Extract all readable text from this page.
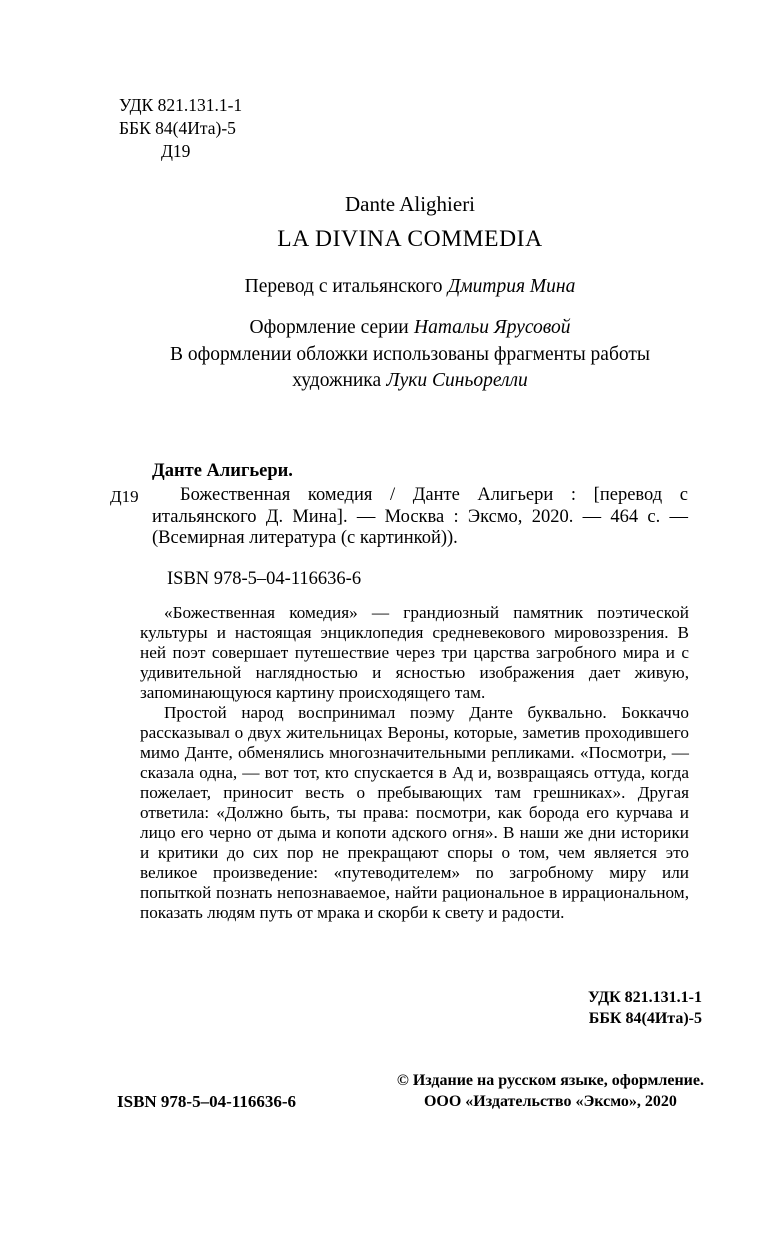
УДК 821.131.1-1
ББК 84(4Ита)-5
Д19
Dante Alighieri
LA DIVINA COMMEDIA
Перевод с итальянского Дмитрия Мина
Оформление серии Натальи Ярусовой
В оформлении обложки использованы фрагменты работы
художника Луки Синьорелли
Данте Алигьери.
Д19	Божественная комедия / Данте Алигьери : [перевод с итальянского Д. Мина]. — Москва : Эксмо, 2020. — 464 с. — (Всемирная литература (с картинкой)).
ISBN 978-5–04-116636-6

«Божественная комедия» — грандиозный памятник поэтической культуры и настоящая энциклопедия средневекового мировоззрения. В ней поэт совершает путешествие через три царства загробного мира и с удивительной наглядностью и ясностью изображения дает живую, запоминающуюся картину происходящего там.

Простой народ воспринимал поэму Данте буквально. Боккаччо рассказывал о двух жительницах Вероны, которые, заметив проходившего мимо Данте, обменялись многозначительными репликами. «Посмотри, — сказала одна, — вот тот, кто спускается в Ад и, возвращаясь оттуда, когда пожелает, приносит весть о пребывающих там грешниках». Другая ответила: «Должно быть, ты права: посмотри, как борода его курчава и лицо его черно от дыма и копоти адского огня». В наши же дни историки и критики до сих пор не прекращают споры о том, чем является это великое произведение: «путеводителем» по загробному миру или попыткой познать непознаваемое, найти рациональное в иррациональном, показать людям путь от мрака и скорби к свету и радости.

УДК 821.131.1-1
ББК 84(4Ита)-5
ISBN 978-5–04-116636-6
© Издание на русском языке, оформление.
ООО «Издательство «Эксмо», 2020
